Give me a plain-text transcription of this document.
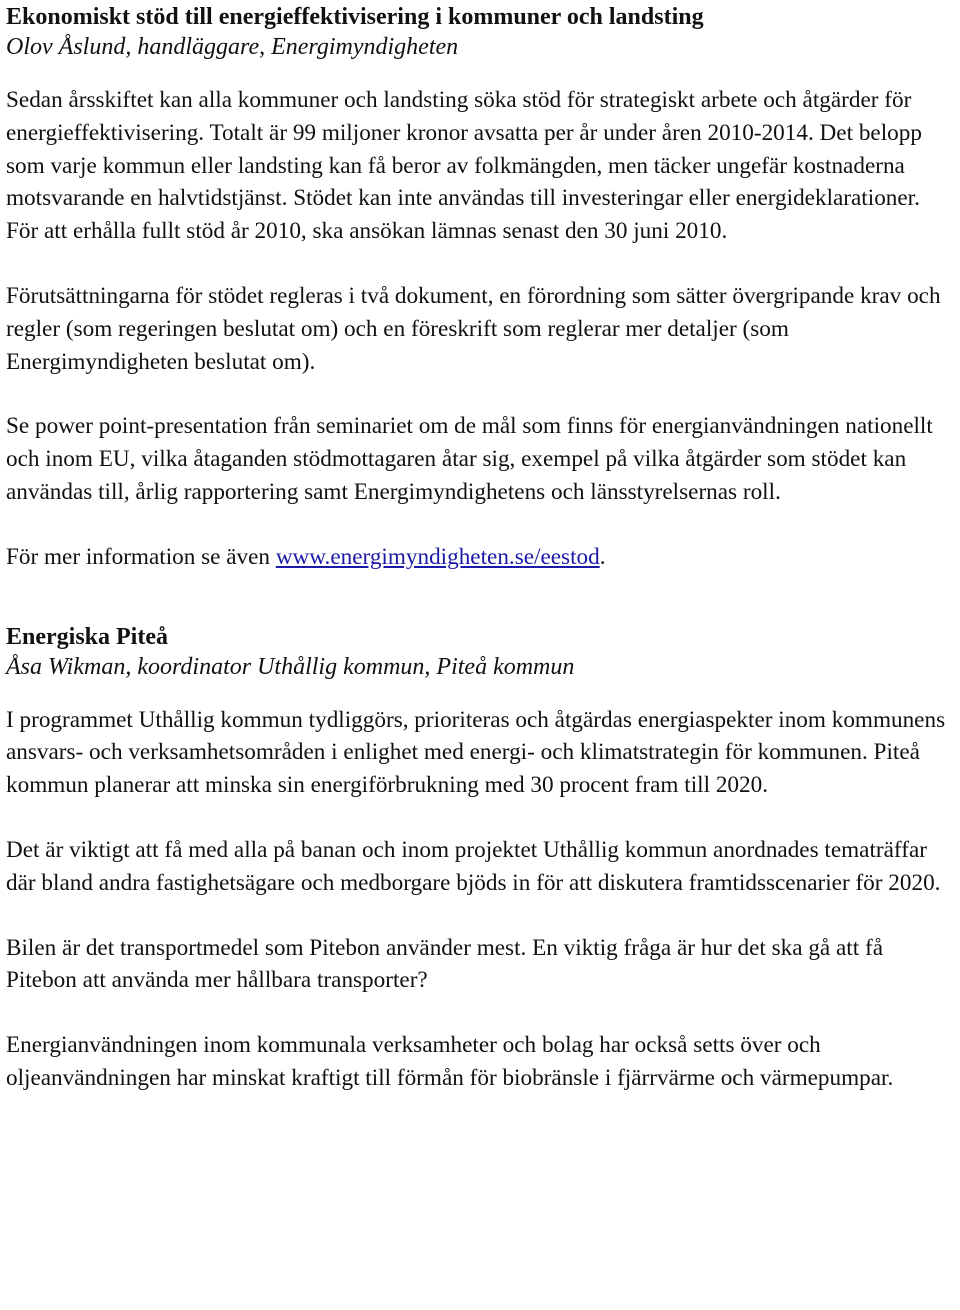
Ekonomiskt stöd till energieffektivisering i kommuner och landsting
Olov Åslund, handläggare, Energimyndigheten

Sedan årsskiftet kan alla kommuner och landsting söka stöd för strategiskt arbete och åtgärder för energieffektivisering. Totalt är 99 miljoner kronor avsatta per år under åren 2010-2014. Det belopp som varje kommun eller landsting kan få beror av folkmängden, men täcker ungefär kostnaderna motsvarande en halvtidstjänst. Stödet kan inte användas till investeringar eller energideklarationer. För att erhålla fullt stöd år 2010, ska ansökan lämnas senast den 30 juni 2010.

Förutsättningarna för stödet regleras i två dokument, en förordning som sätter övergripande krav och regler (som regeringen beslutat om) och en föreskrift som reglerar mer detaljer (som Energimyndigheten beslutat om).

Se power point-presentation från seminariet om de mål som finns för energianvändningen nationellt och inom EU, vilka åtaganden stödmottagaren åtar sig, exempel på vilka åtgärder som stödet kan användas till, årlig rapportering samt Energimyndighetens och länsstyrelsernas roll.

För mer information se även www.energimyndigheten.se/eestod.

Energiska Piteå
Åsa Wikman, koordinator Uthållig kommun, Piteå kommun

I programmet Uthållig kommun tydliggörs, prioriteras och åtgärdas energiaspekter inom kommunens ansvars- och verksamhetsområden i enlighet med energi- och klimatstrategin för kommunen. Piteå kommun planerar att minska sin energiförbrukning med 30 procent fram till 2020.

Det är viktigt att få med alla på banan och inom projektet Uthållig kommun anordnades tematräffar där bland andra fastighetsägare och medborgare bjöds in för att diskutera framtidsscenarier för 2020.

Bilen är det transportmedel som Pitebon använder mest. En viktig fråga är hur det ska gå att få Pitebon att använda mer hållbara transporter?

Energianvändningen inom kommunala verksamheter och bolag har också setts över och oljeanvändningen har minskat kraftigt till förmån för biobränsle i fjärrvärme och värmepumpar.
